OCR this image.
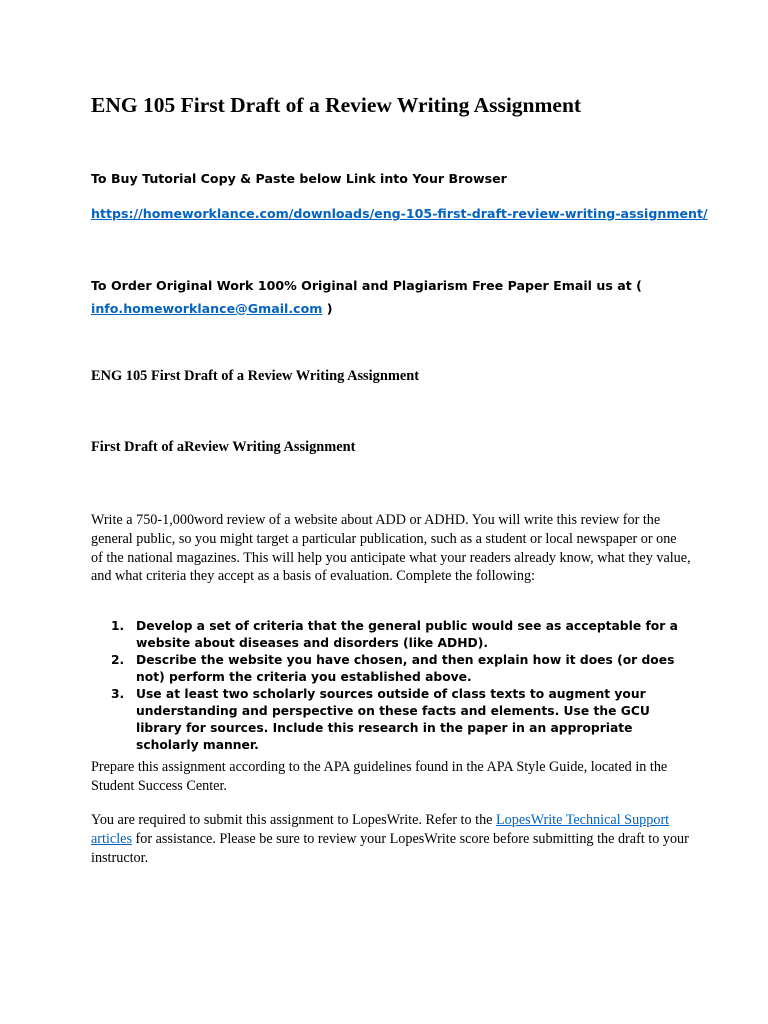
ENG 105 First Draft of a Review Writing Assignment
To Buy Tutorial Copy & Paste below Link into Your Browser
https://homeworklance.com/downloads/eng-105-first-draft-review-writing-assignment/
To Order Original Work 100% Original and Plagiarism Free Paper Email us at (
info.homeworklance@Gmail.com )
ENG 105 First Draft of a Review Writing Assignment
First Draft of aReview Writing Assignment
Write a 750-1,000word review of a website about ADD or ADHD. You will write this review for the general public, so you might target a particular publication, such as a student or local newspaper or one of the national magazines. This will help you anticipate what your readers already know, what they value, and what criteria they accept as a basis of evaluation. Complete the following:
1. Develop a set of criteria that the general public would see as acceptable for a website about diseases and disorders (like ADHD).
2. Describe the website you have chosen, and then explain how it does (or does not) perform the criteria you established above.
3. Use at least two scholarly sources outside of class texts to augment your understanding and perspective on these facts and elements. Use the GCU library for sources. Include this research in the paper in an appropriate scholarly manner.
Prepare this assignment according to the APA guidelines found in the APA Style Guide, located in the Student Success Center.
You are required to submit this assignment to LopesWrite. Refer to the LopesWrite Technical Support articles for assistance. Please be sure to review your LopesWrite score before submitting the draft to your instructor.
